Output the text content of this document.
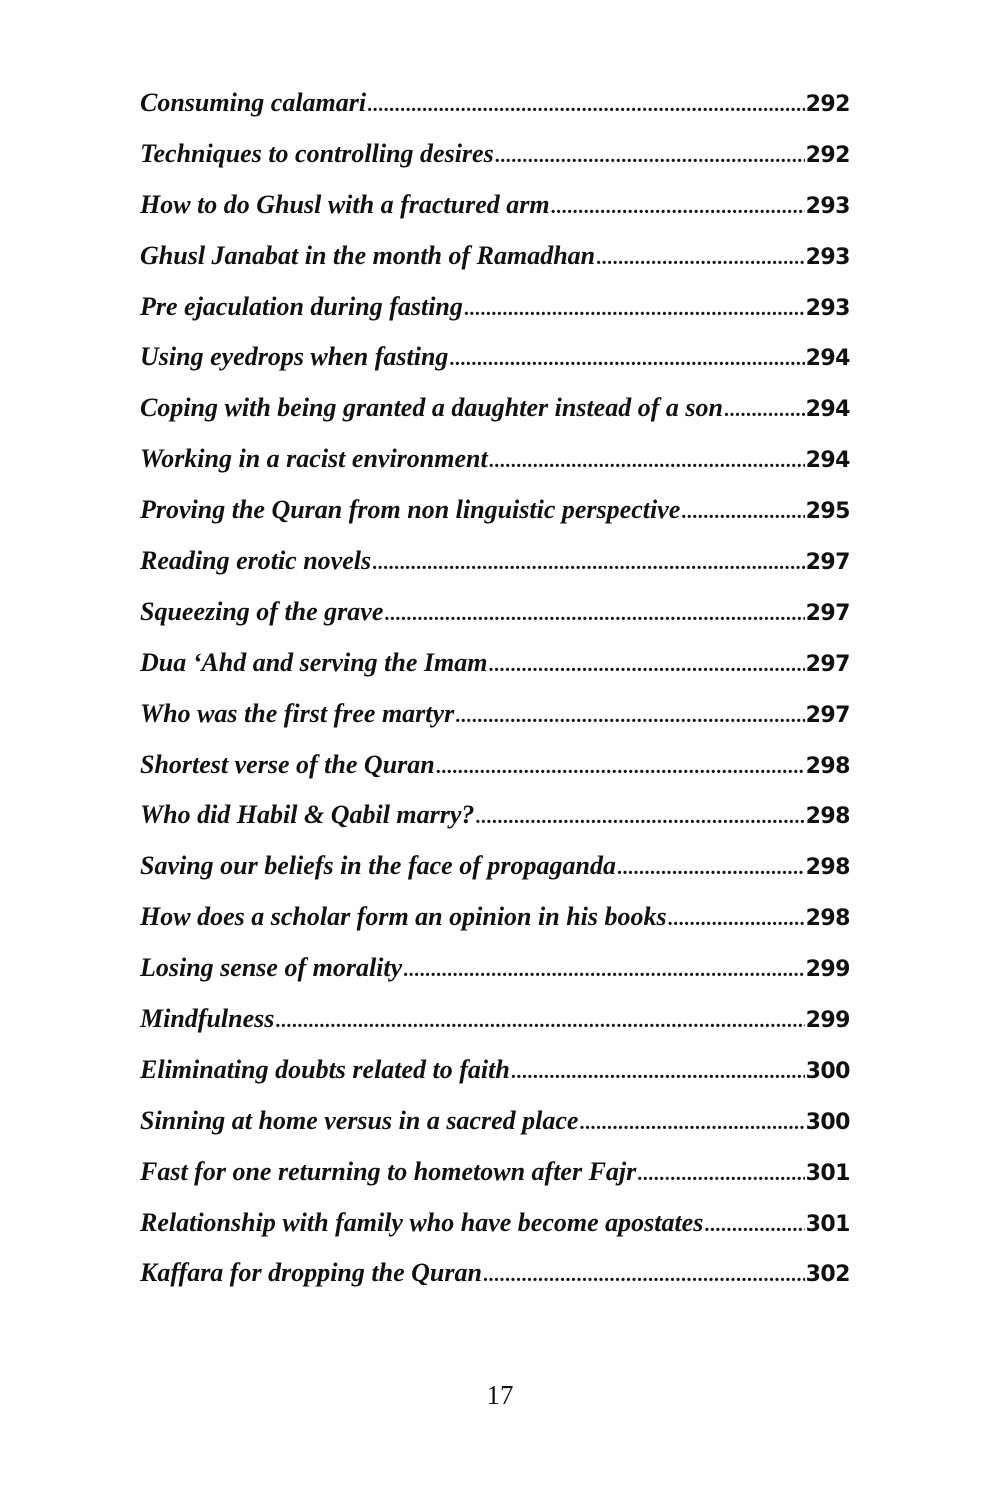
Consuming calamari .....	292
Techniques to controlling desires .....	292
How to do Ghusl with a fractured arm .....	293
Ghusl Janabat in the month of Ramadhan .....	293
Pre ejaculation during fasting .....	293
Using eyedrops when fasting .....	294
Coping with being granted a daughter instead of a son .....	294
Working in a racist environment .....	294
Proving the Quran from non linguistic perspective .....	295
Reading erotic novels .....	297
Squeezing of the grave .....	297
Dua ‘Ahd and serving the Imam .....	297
Who was the first free martyr .....	297
Shortest verse of the Quran .....	298
Who did Habil & Qabil marry? .....	298
Saving our beliefs in the face of propaganda .....	298
How does a scholar form an opinion in his books .....	298
Losing sense of morality .....	299
Mindfulness .....	299
Eliminating doubts related to faith .....	300
Sinning at home versus in a sacred place .....	300
Fast for one returning to hometown after Fajr .....	301
Relationship with family who have become apostates .....	301
Kaffara for dropping the Quran .....	302
17
